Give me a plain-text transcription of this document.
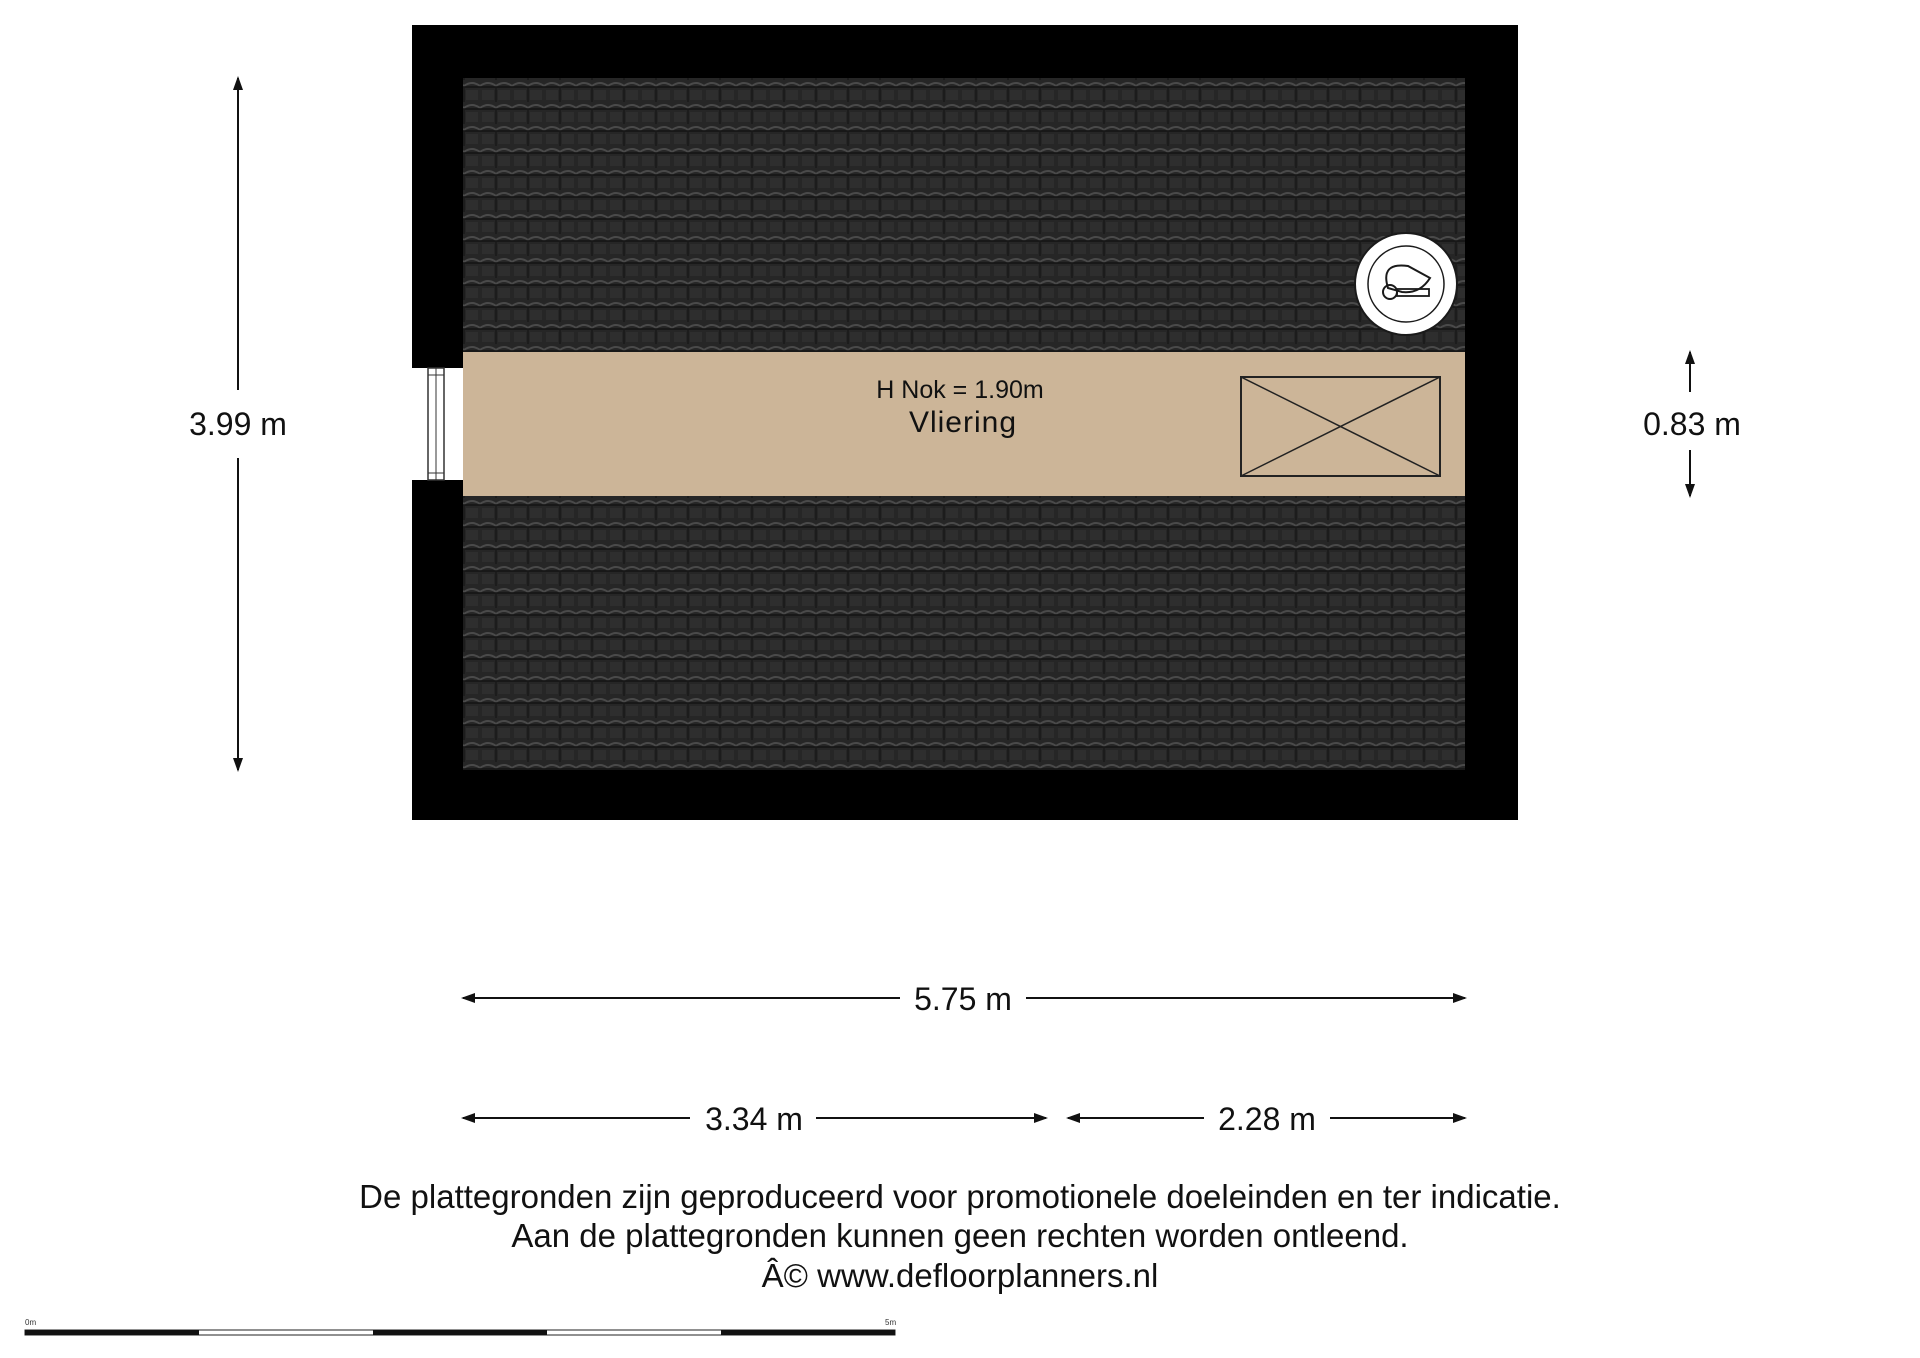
H Nok = 1.90m
Vliering
3.99 m	0.83 m
5.75 m
3.34 m	2.28 m
0m	5m
De plattegronden zijn geproduceerd voor promotionele doeleinden en ter indicatie.
Aan de plattegronden kunnen geen rechten worden ontleend.
Â© www.defloorplanners.nl
